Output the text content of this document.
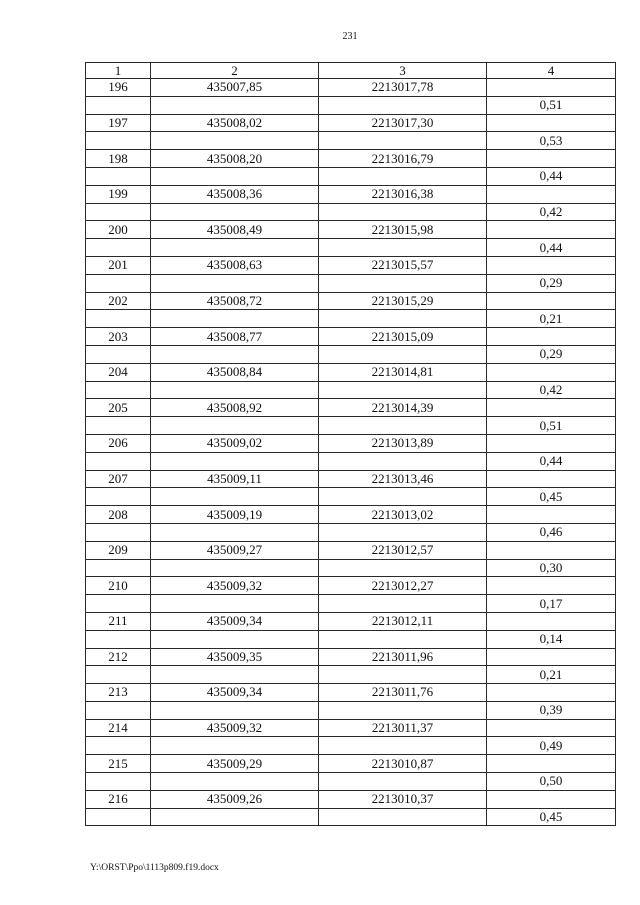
231
1	2	3	4
196	435007,85	2213017,78	
			0,51
197	435008,02	2213017,30	
			0,53
198	435008,20	2213016,79	
			0,44
199	435008,36	2213016,38	
			0,42
200	435008,49	2213015,98	
			0,44
201	435008,63	2213015,57	
			0,29
202	435008,72	2213015,29	
			0,21
203	435008,77	2213015,09	
			0,29
204	435008,84	2213014,81	
			0,42
205	435008,92	2213014,39	
			0,51
206	435009,02	2213013,89	
			0,44
207	435009,11	2213013,46	
			0,45
208	435009,19	2213013,02	
			0,46
209	435009,27	2213012,57	
			0,30
210	435009,32	2213012,27	
			0,17
211	435009,34	2213012,11	
			0,14
212	435009,35	2213011,96	
			0,21
213	435009,34	2213011,76	
			0,39
214	435009,32	2213011,37	
			0,49
215	435009,29	2213010,87	
			0,50
216	435009,26	2213010,37	
			0,45
Y:\ORST\Ppo\1113p809.f19.docx
